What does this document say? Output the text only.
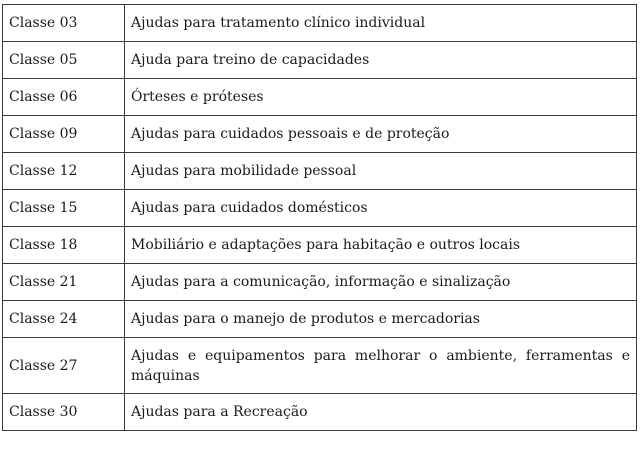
Classe 03	Ajudas para tratamento clínico individual
Classe 05	Ajuda para treino de capacidades
Classe 06	Órteses e próteses
Classe 09	Ajudas para cuidados pessoais e de proteção
Classe 12	Ajudas para mobilidade pessoal
Classe 15	Ajudas para cuidados domésticos
Classe 18	Mobiliário e adaptações para habitação e outros locais
Classe 21	Ajudas para a comunicação, informação e sinalização
Classe 24	Ajudas para o manejo de produtos e mercadorias
Classe 27	Ajudas e equipamentos para melhorar o ambiente, ferramentas e máquinas
Classe 30	Ajudas para a Recreação
